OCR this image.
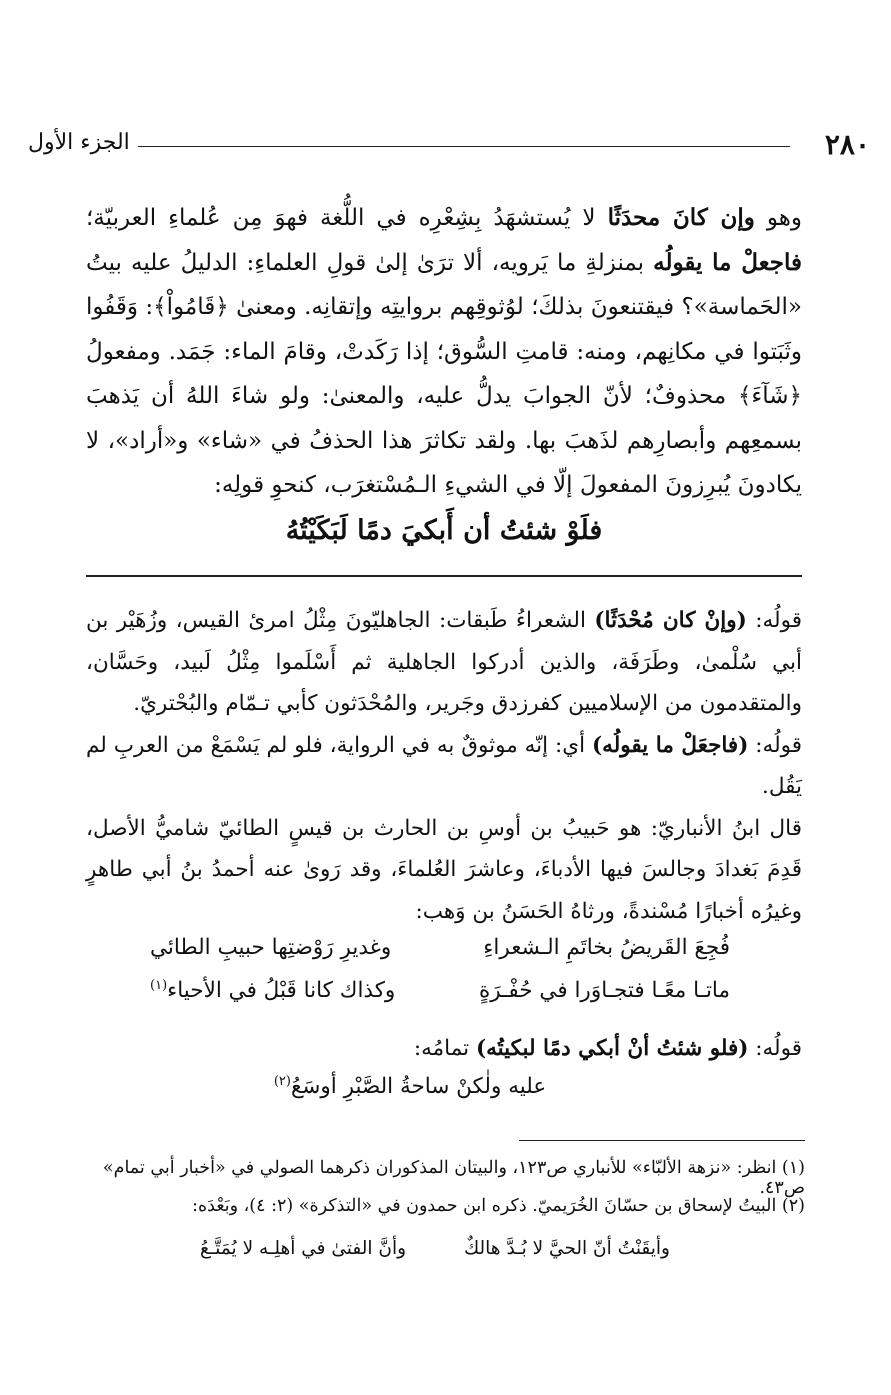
٢٨٠
الجزء الأول

وهو وإن كانَ محدَثًا لا يُستشهَدُ بِشِعْرِه في اللُّغة فهوَ مِن عُلماءِ العربيّة؛ فاجعلْ ما يقولُه بمنزلةِ ما يَرويه، ألا ترَىٰ إلىٰ قولِ العلماءِ: الدليلُ عليه بيتُ «الحَماسة»؟ فيقتنعونَ بذلكَ؛ لوُثوقِهم بروايتِه وإتقانِه. ومعنىٰ ﴿قَامُواْ﴾: وَقَفُوا وثَبَتوا في مكانِهم، ومنه: قامتِ السُّوق؛ إذا رَكَدتْ، وقامَ الماء: جَمَد. ومفعولُ ﴿شَآءَ﴾ محذوفٌ؛ لأنّ الجوابَ يدلُّ عليه، والمعنىٰ: ولو شاءَ اللهُ أن يَذهبَ بسمعِهم وأبصارِهم لذَهبَ بها. ولقد تكاثرَ هذا الحذفُ في «شاء» و«أراد»، لا يكادونَ يُبرِزونَ المفعولَ إلّا في الشيءِ الـمُسْتغرَب، كنحوِ قولِه:

فلَوْ شئتُ أن أَبكيَ دمًا لَبَكَيْتُهُ

قولُه: (وإنْ كان مُحْدَثًا) الشعراءُ طَبقات: الجاهليّونَ مِثْلُ امرئ القيس، وزُهَيْر بن أبي سُلْمىٰ، وطَرَفَة، والذين أدركوا الجاهلية ثم أَسْلَموا مِثْلُ لَبيد، وحَسَّان، والمتقدمون من الإسلاميين كفرزدق وجَرير، والمُحْدَثون كأبي تـمّام والبُحْتريّ.

قولُه: (فاجعَلْ ما يقولُه) أي: إنّه موثوقٌ به في الرواية، فلو لم يَسْمَعْ من العربِ لم يَقُل.

قال ابنُ الأنباريّ: هو حَبيبُ بن أوسِ بن الحارث بن قيسٍ الطائيّ شاميُّ الأصل، قَدِمَ بَغدادَ وجالسَ فيها الأدباءَ، وعاشرَ العُلماءَ، وقد رَوىٰ عنه أحمدُ بنُ أبي طاهرٍ وغيرُه أخبارًا مُسْندةً، ورثاهُ الحَسَنُ بن وَهب:

فُجِعَ القَريضُ بخاتَمِ الـشعراءِ
وغديرِ رَوْضتِها حبيبِ الطائي
ماتـا معًـا فتجـاوَرا في حُفْـرَةٍ
وكذاك كانا قَبْلُ في الأحياء$^{(١)}$

قولُه: (فلو شئتُ أنْ أبكي دمًا لبكيتُه) تمامُه:

عليه ولٰكنْ ساحةُ الصَّبْرِ أوسَعُ$^{(٢)}$
(١) انظر: «نزهة الألبّاء» للأنباري ص١٢٣، والبيتان المذكوران ذكرهما الصولي في «أخبار أبي تمام» ص٤٣.
(٢) البيتُ لإسحاق بن حسّانَ الخُرَيميّ. ذكره ابن حمدون في «التذكرة» (٢: ٤)، وبَعْدَه:
وأيقَنْتُ أنّ الحيَّ لا بُـدَّ هالكٌ
وأنَّ الفتىٰ في أهلِـه لا يُمَتَّـعُ
